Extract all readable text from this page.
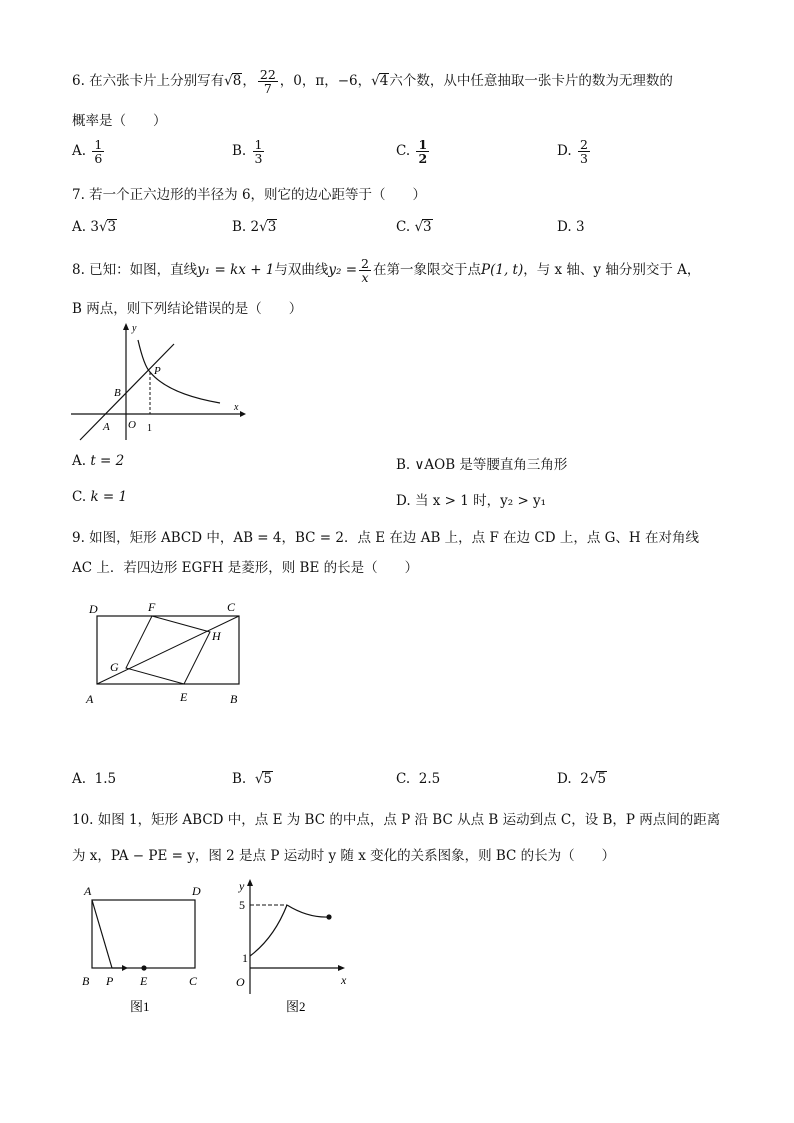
6. 在六张卡片上分别写有√8， $\frac{22}{7}$ ，0，π，−6，√4六个数，从中任意抽取一张卡片的数为无理数的
概率是（　　）
A. $\frac{1}{6}$	B. $\frac{1}{3}$	C. $\frac{1}{2}$	D. $\frac{2}{3}$
7. 若一个正六边形的半径为 6，则它的边心距等于（　　）
A. 3√3	B. 2√3	C. √3	D. 3
8. 已知：如图，直线y₁ = kx + 1与双曲线$y_2 = \frac{2}{x}$ 在第一象限交于点P(1, t)，与 x 轴、y 轴分别交于 A，
B 两点，则下列结论错误的是（　　）
y
x
P
B
A O 1
A. t = 2	B. ∨AOB 是等腰直角三角形
C. k = 1	D. 当 x > 1 时，y₂ > y₁
9. 如图，矩形 ABCD 中，AB = 4，BC = 2．点 E 在边 AB 上，点 F 在边 CD 上，点 G、H 在对角线
AC 上．若四边形 EGFH 是菱形，则 BE 的长是（　　）
D	F	C
H
G
A	E	B
A. 1.5	B. √5	C. 2.5	D. 2√5
10. 如图 1，矩形 ABCD 中，点 E 为 BC 的中点，点 P 沿 BC 从点 B 运动到点 C，设 B，P 两点间的距离
为 x，PA − PE = y，图 2 是点 P 运动时 y 随 x 变化的关系图象，则 BC 的长为（　　）
A	D
B P E	C
图1
y
x
5
1
O
图2
